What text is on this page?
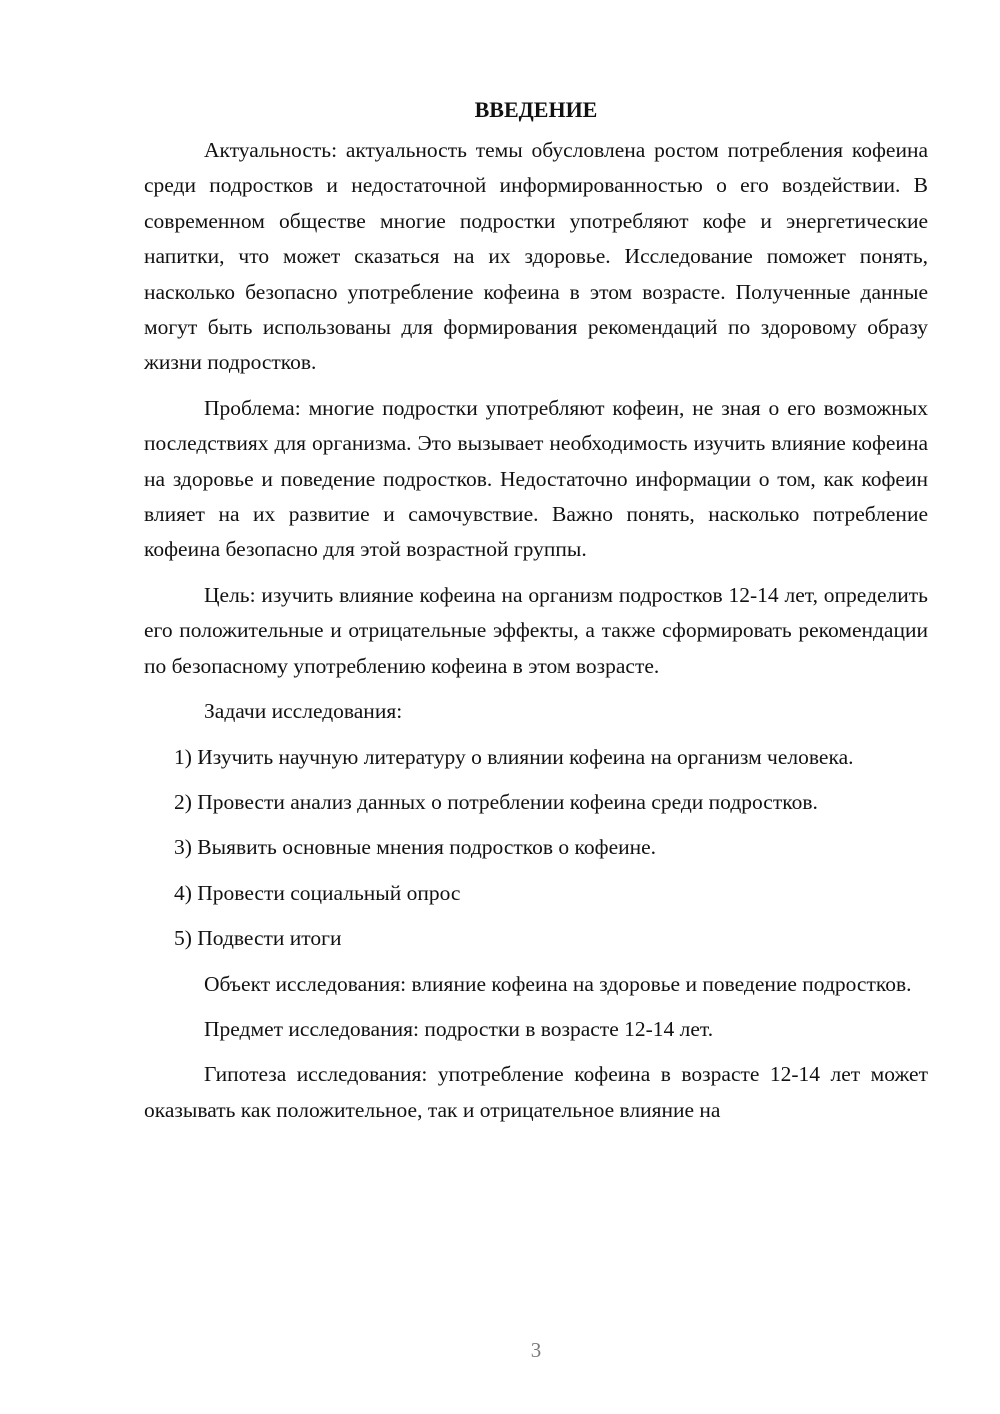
ВВЕДЕНИЕ

Актуальность: актуальность темы обусловлена ростом потребления кофеина среди подростков и недостаточной информированностью о его воздействии. В современном обществе многие подростки употребляют кофе и энергетические напитки, что может сказаться на их здоровье. Исследование поможет понять, насколько безопасно употребление кофеина в этом возрасте. Полученные данные могут быть использованы для формирования рекомендаций по здоровому образу жизни подростков.

Проблема: многие подростки употребляют кофеин, не зная о его возможных последствиях для организма. Это вызывает необходимость изучить влияние кофеина на здоровье и поведение подростков. Недостаточно информации о том, как кофеин влияет на их развитие и самочувствие. Важно понять, насколько потребление кофеина безопасно для этой возрастной группы.

Цель: изучить влияние кофеина на организм подростков 12-14 лет, определить его положительные и отрицательные эффекты, а также сформировать рекомендации по безопасному употреблению кофеина в этом возрасте.

Задачи исследования:

1) Изучить научную литературу о влиянии кофеина на организм человека.

2) Провести анализ данных о потреблении кофеина среди подростков.

3) Выявить основные мнения подростков о кофеине.

4) Провести социальный опрос

5) Подвести итоги

Объект исследования: влияние кофеина на здоровье и поведение подростков.

Предмет исследования: подростки в возрасте 12-14 лет.

Гипотеза исследования: употребление кофеина в возрасте 12-14 лет может оказывать как положительное, так и отрицательное влияние на

3
